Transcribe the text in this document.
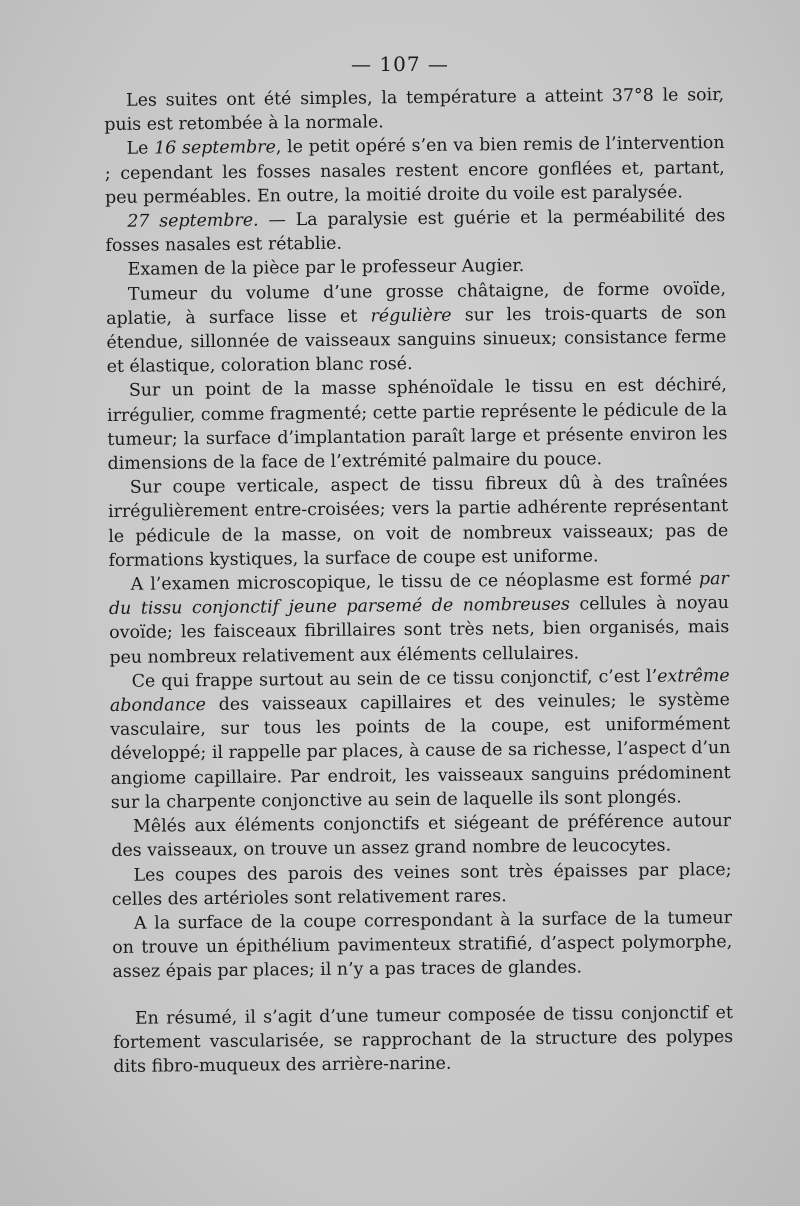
— 107 —

Les suites ont été simples, la température a atteint 37°8 le soir, puis est retombée à la normale.

Le 16 septembre, le petit opéré s’en va bien remis de l’intervention ; cependant les fosses nasales restent encore gonflées et, partant, peu perméables. En outre, la moitié droite du voile est paralysée.

27 septembre. — La paralysie est guérie et la perméabilité des fosses nasales est rétablie.

Examen de la pièce par le professeur Augier.

Tumeur du volume d’une grosse châtaigne, de forme ovoïde, aplatie, à surface lisse et régulière sur les trois-quarts de son étendue, sillonnée de vaisseaux sanguins sinueux; consistance ferme et élastique, coloration blanc rosé.

Sur un point de la masse sphénoïdale le tissu en est déchiré, irrégulier, comme fragmenté; cette partie représente le pédicule de la tumeur; la surface d’implantation paraît large et présente environ les dimensions de la face de l’extrémité palmaire du pouce.

Sur coupe verticale, aspect de tissu fibreux dû à des traînées irrégulièrement entre-croisées; vers la partie adhérente représentant le pédicule de la masse, on voit de nombreux vaisseaux; pas de formations kystiques, la surface de coupe est uniforme.

A l’examen microscopique, le tissu de ce néoplasme est formé par du tissu conjonctif jeune parsemé de nombreuses cellules à noyau ovoïde; les faisceaux fibrillaires sont très nets, bien organisés, mais peu nombreux relativement aux éléments cellulaires.

Ce qui frappe surtout au sein de ce tissu conjonctif, c’est l’extrême abondance des vaisseaux capillaires et des veinules; le système vasculaire, sur tous les points de la coupe, est uniformément développé; il rappelle par places, à cause de sa richesse, l’aspect d’un angiome capillaire. Par endroit, les vaisseaux sanguins prédominent sur la charpente conjonctive au sein de laquelle ils sont plongés.

Mêlés aux éléments conjonctifs et siégeant de préférence autour des vaisseaux, on trouve un assez grand nombre de leucocytes.

Les coupes des parois des veines sont très épaisses par place; celles des artérioles sont relativement rares.

A la surface de la coupe correspondant à la surface de la tumeur on trouve un épithélium pavimenteux stratifié, d’aspect polymorphe, assez épais par places; il n’y a pas traces de glandes.

En résumé, il s’agit d’une tumeur composée de tissu conjonctif et fortement vascularisée, se rapprochant de la structure des polypes dits fibro-muqueux des arrière-narine.
